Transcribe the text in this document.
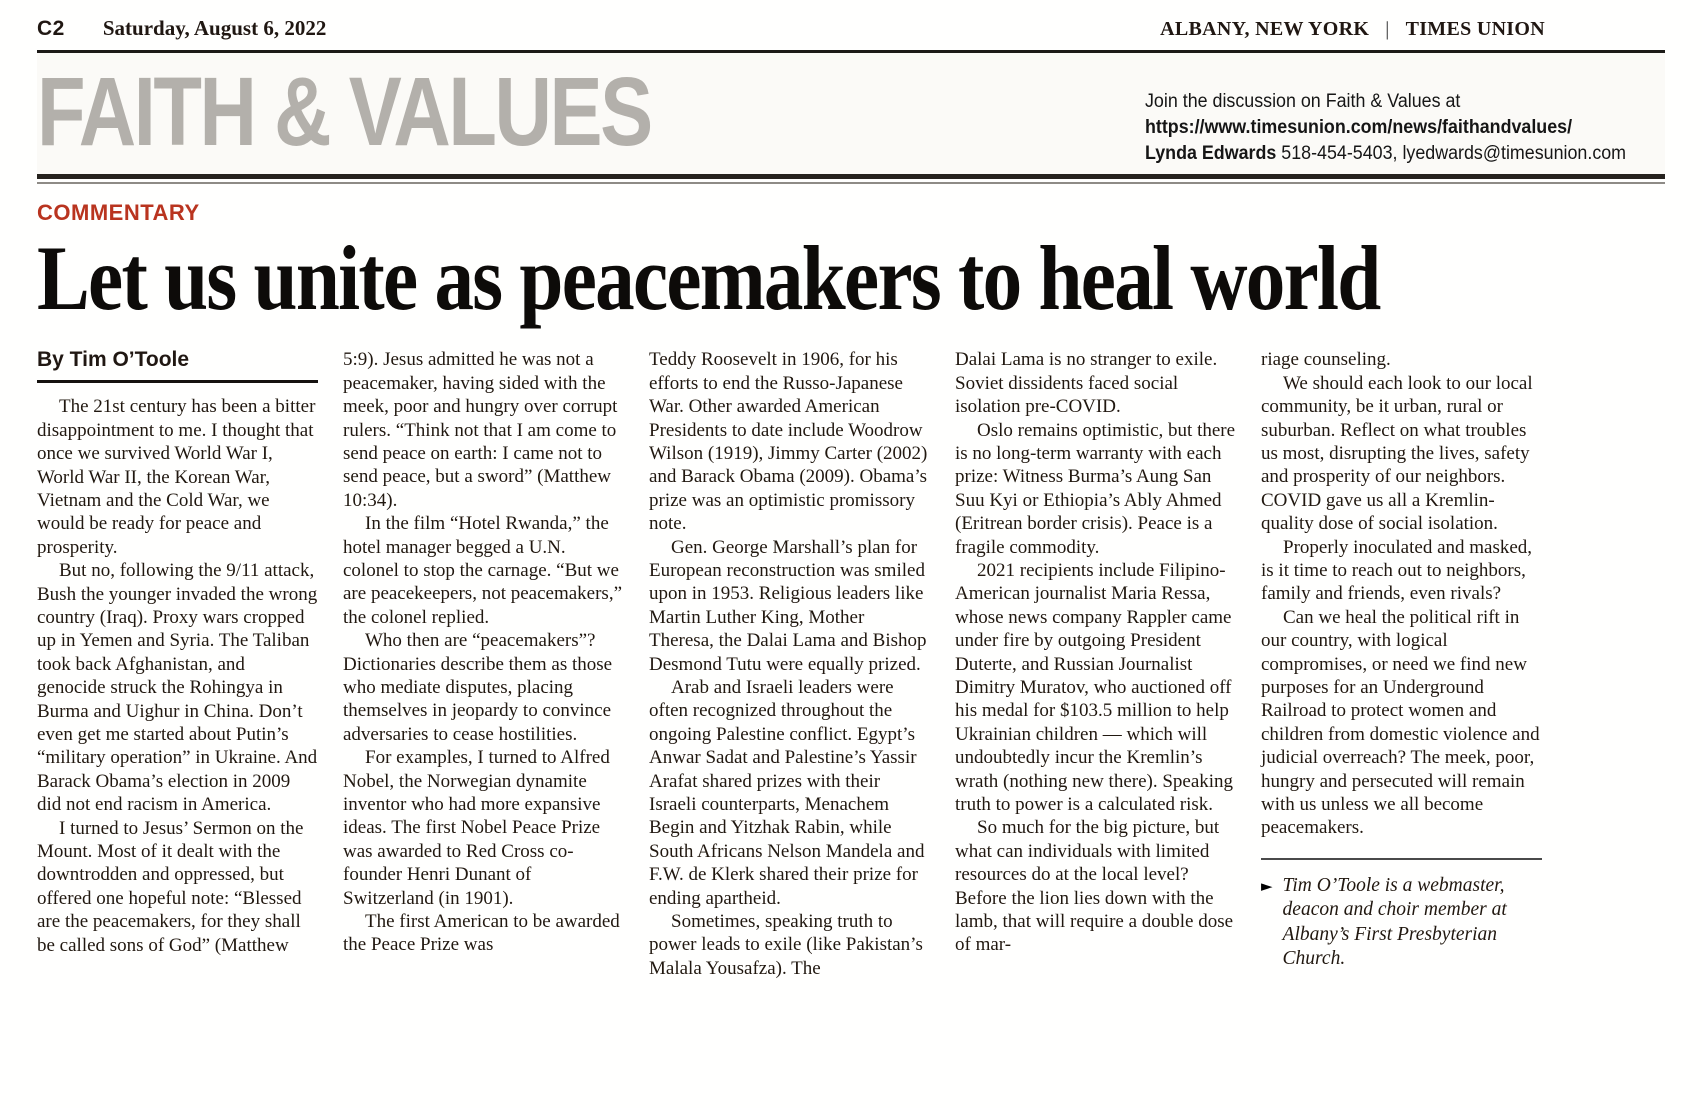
C2 Saturday, August 6, 2022	ALBANY, NEW YORK | TIMES UNION
FAITH & VALUES	Join the discussion on Faith & Values at
https://www.timesunion.com/news/faithandvalues/
Lynda Edwards 518-454-5403, lyedwards@timesunion.com
COMMENTARY
Let us unite as peacemakers to heal world
By Tim O’Toole

The 21st century has been a bitter disappointment to me. I thought that once we survived World War I, World War II, the Korean War, Vietnam and the Cold War, we would be ready for peace and prosperity.

But no, following the 9/11 attack, Bush the younger invaded the wrong country (Iraq). Proxy wars cropped up in Yemen and Syria. The Taliban took back Afghanistan, and genocide struck the Rohingya in Burma and Uighur in China. Don’t even get me started about Putin’s “military operation” in Ukraine. And Barack Obama’s election in 2009 did not end racism in America.

I turned to Jesus’ Sermon on the Mount. Most of it dealt with the downtrodden and oppressed, but offered one hopeful note: “Blessed are the peacemakers, for they shall be called sons of God” (Matthew

5:9). Jesus admitted he was not a peacemaker, having sided with the meek, poor and hungry over corrupt rulers. “Think not that I am come to send peace on earth: I came not to send peace, but a sword” (Matthew 10:34).

In the film “Hotel Rwanda,” the hotel manager begged a U.N. colonel to stop the carnage. “But we are peacekeepers, not peacemakers,” the colonel replied.

Who then are “peacemakers”? Dictionaries describe them as those who mediate disputes, placing themselves in jeopardy to convince adversaries to cease hostilities.

For examples, I turned to Alfred Nobel, the Norwegian dynamite inventor who had more expansive ideas. The first Nobel Peace Prize was awarded to Red Cross co-founder Henri Dunant of Switzerland (in 1901).

The first American to be awarded the Peace Prize was

Teddy Roosevelt in 1906, for his efforts to end the Russo-Japanese War. Other awarded American Presidents to date include Woodrow Wilson (1919), Jimmy Carter (2002) and Barack Obama (2009). Obama’s prize was an optimistic promissory note.

Gen. George Marshall’s plan for European reconstruction was smiled upon in 1953. Religious leaders like Martin Luther King, Mother Theresa, the Dalai Lama and Bishop Desmond Tutu were equally prized.

Arab and Israeli leaders were often recognized throughout the ongoing Palestine conflict. Egypt’s Anwar Sadat and Palestine’s Yassir Arafat shared prizes with their Israeli counterparts, Menachem Begin and Yitzhak Rabin, while South Africans Nelson Mandela and F.W. de Klerk shared their prize for ending apartheid.

Sometimes, speaking truth to power leads to exile (like Pakistan’s Malala Yousafza). The

Dalai Lama is no stranger to exile. Soviet dissidents faced social isolation pre-COVID.

Oslo remains optimistic, but there is no long-term warranty with each prize: Witness Burma’s Aung San Suu Kyi or Ethiopia’s Ably Ahmed (Eritrean border crisis). Peace is a fragile commodity.

2021 recipients include Filipino-American journalist Maria Ressa, whose news company Rappler came under fire by outgoing President Duterte, and Russian Journalist Dimitry Muratov, who auctioned off his medal for $103.5 million to help Ukrainian children — which will undoubtedly incur the Kremlin’s wrath (nothing new there). Speaking truth to power is a calculated risk.

So much for the big picture, but what can individuals with limited resources do at the local level? Before the lion lies down with the lamb, that will require a double dose of mar-

riage counseling.

We should each look to our local community, be it urban, rural or suburban. Reflect on what troubles us most, disrupting the lives, safety and prosperity of our neighbors. COVID gave us all a Kremlin-quality dose of social isolation.

Properly inoculated and masked, is it time to reach out to neighbors, family and friends, even rivals?

Can we heal the political rift in our country, with logical compromises, or need we find new purposes for an Underground Railroad to protect women and children from domestic violence and judicial overreach? The meek, poor, hungry and persecuted will remain with us unless we all become peacemakers.

► Tim O’Toole is a webmaster, deacon and choir member at Albany’s First Presbyterian Church.
